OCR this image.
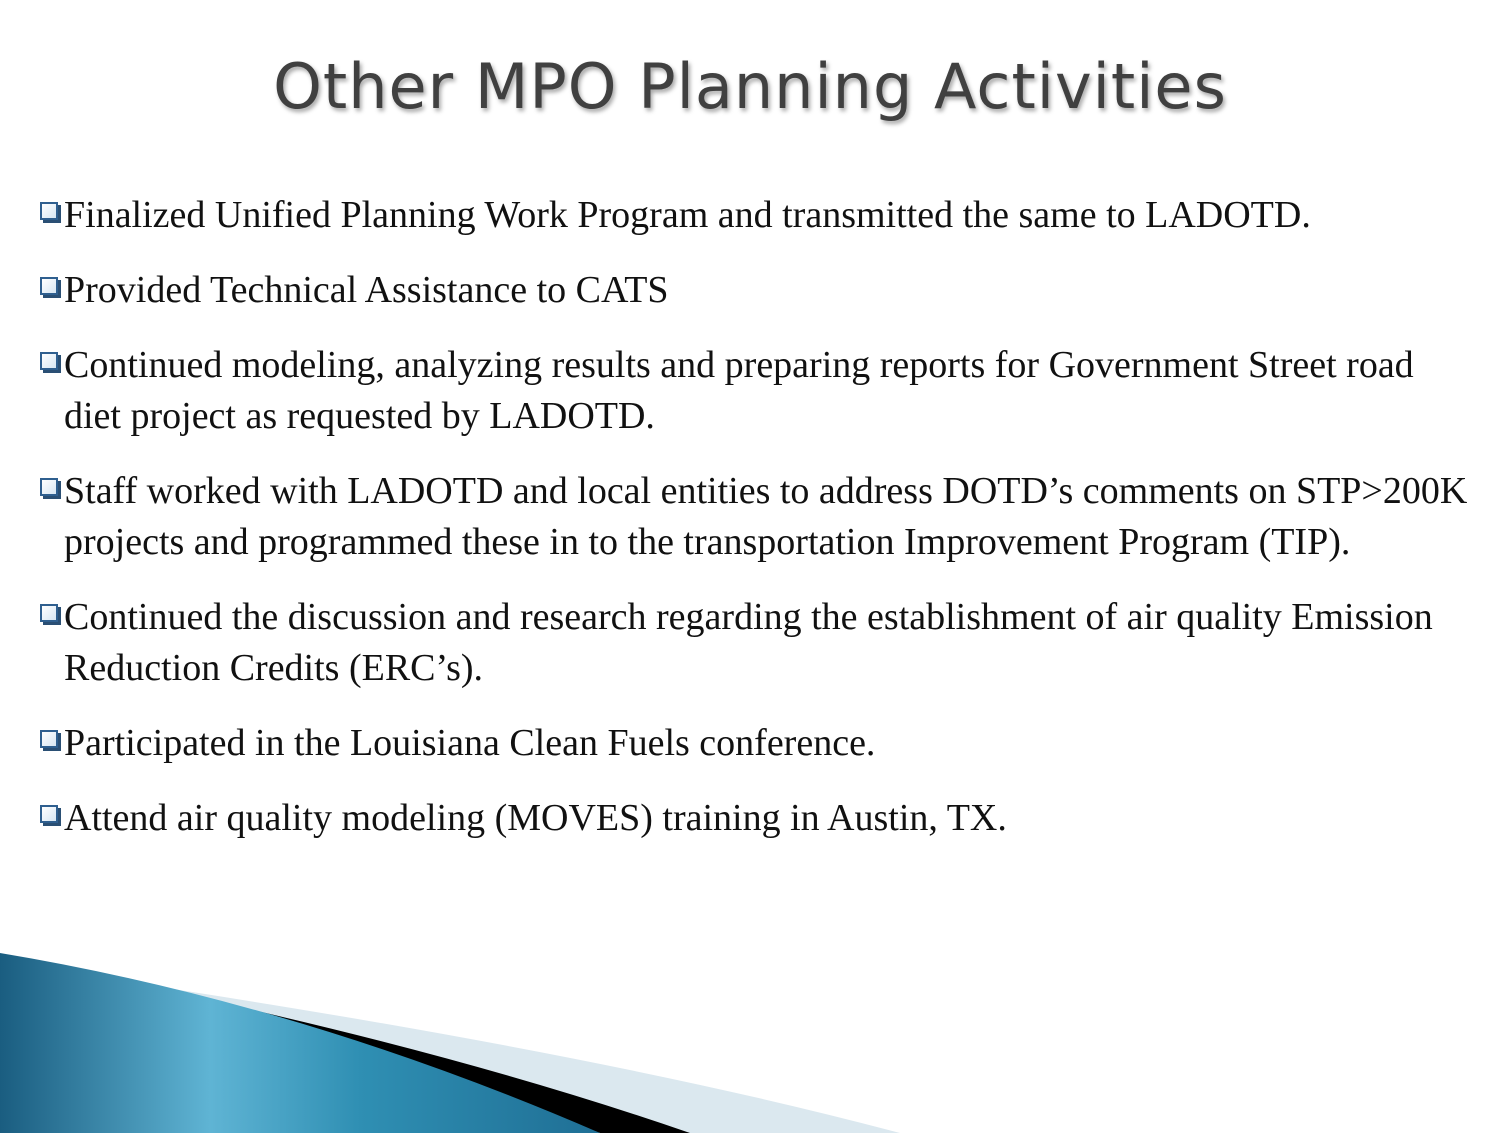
Other MPO Planning Activities
Finalized Unified Planning Work Program and transmitted the same to LADOTD.
Provided Technical Assistance to CATS
Continued modeling, analyzing results and preparing reports for Government Street road diet project as requested by LADOTD.
Staff worked with LADOTD and local entities to address DOTD’s comments on STP>200K projects and programmed these in to the transportation Improvement Program (TIP).
Continued the discussion and research regarding the establishment of air quality Emission Reduction Credits (ERC’s).
Participated in the Louisiana Clean Fuels conference.
Attend air quality modeling (MOVES) training in Austin, TX.
